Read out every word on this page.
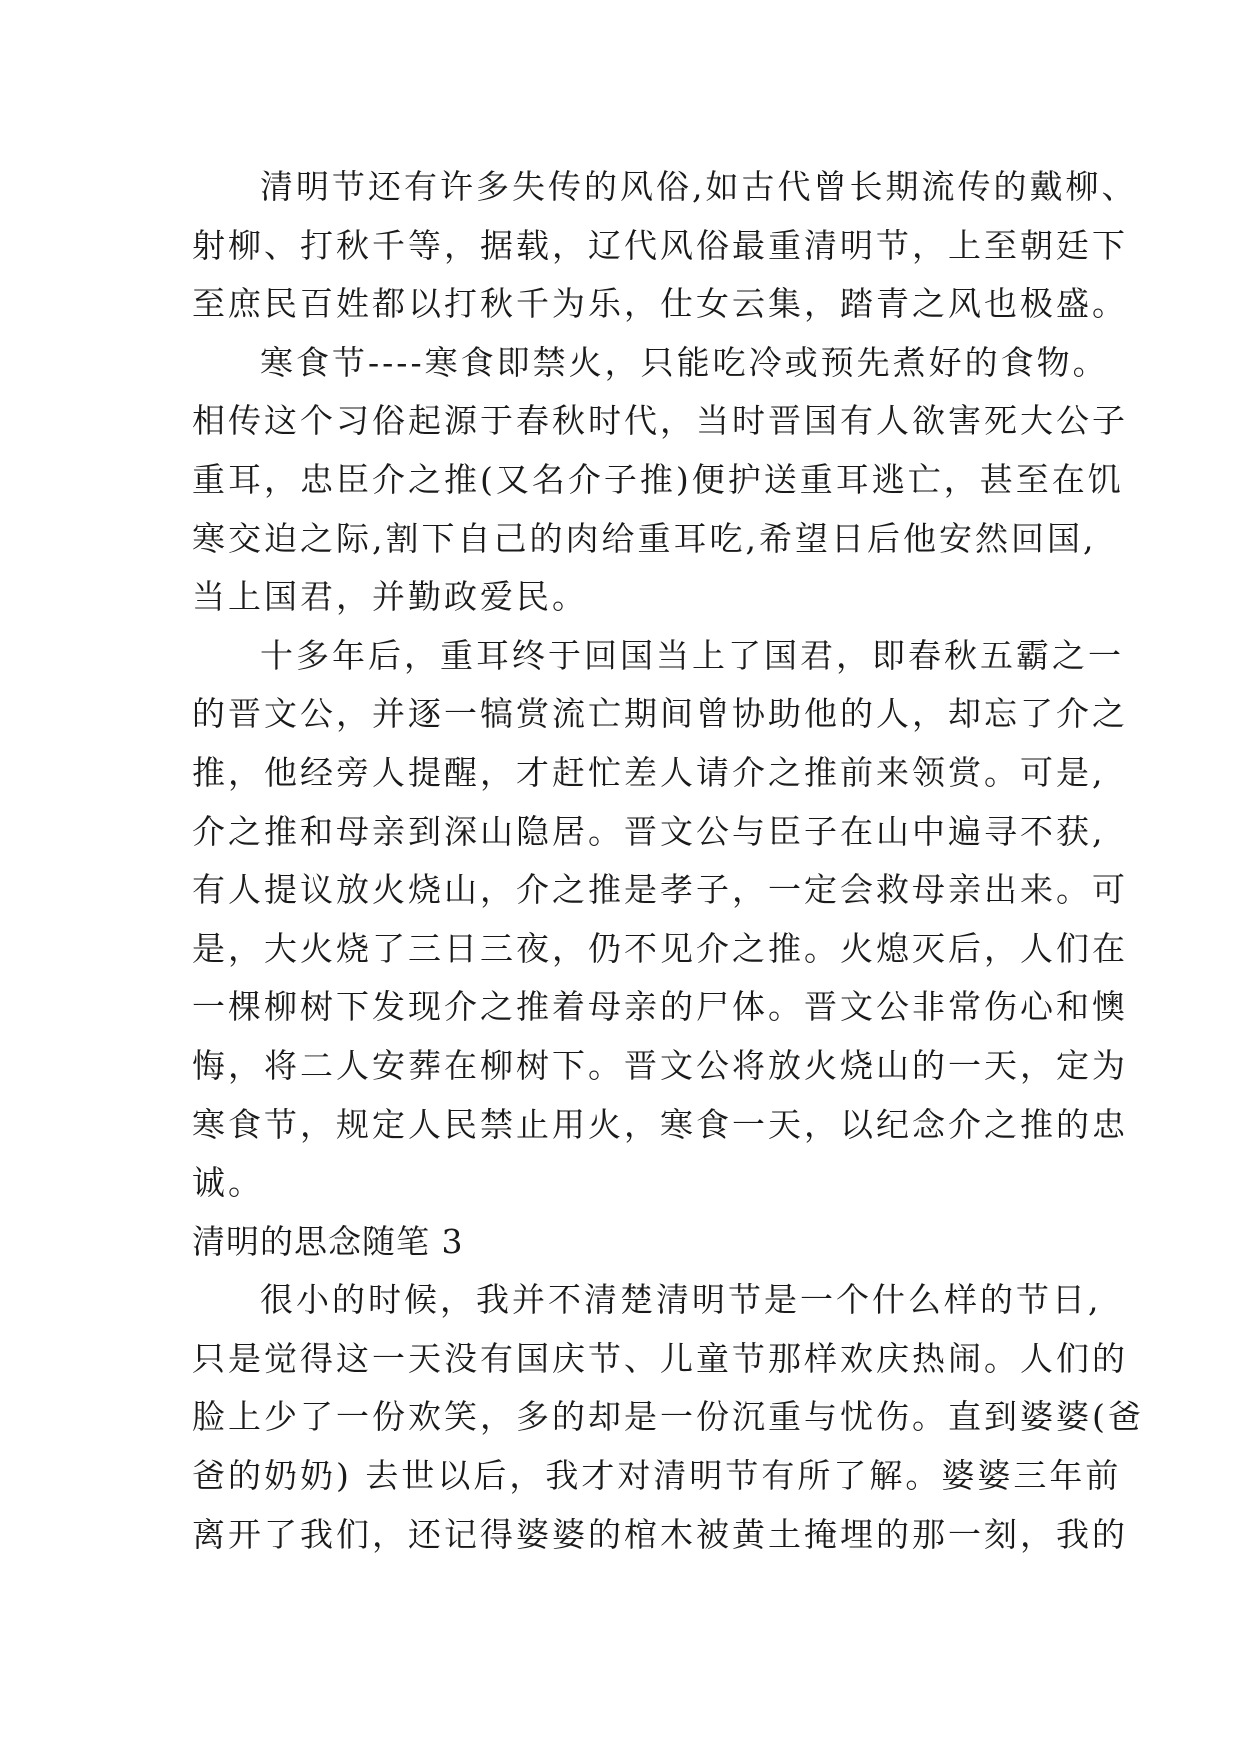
清明节还有许多失传的风俗,如古代曾长期流传的戴柳、
射柳、打秋千等，据载，辽代风俗最重清明节，上至朝廷下
至庶民百姓都以打秋千为乐，仕女云集，踏青之风也极盛。
寒食节----寒食即禁火，只能吃冷或预先煮好的食物。
相传这个习俗起源于春秋时代，当时晋国有人欲害死大公子
重耳，忠臣介之推(又名介子推)便护送重耳逃亡，甚至在饥
寒交迫之际,割下自己的肉给重耳吃,希望日后他安然回国,
当上国君，并勤政爱民。
十多年后，重耳终于回国当上了国君，即春秋五霸之一
的晋文公，并逐一犒赏流亡期间曾协助他的人，却忘了介之
推，他经旁人提醒，才赶忙差人请介之推前来领赏。可是,
介之推和母亲到深山隐居。晋文公与臣子在山中遍寻不获,
有人提议放火烧山，介之推是孝子，一定会救母亲出来。可
是，大火烧了三日三夜，仍不见介之推。火熄灭后，人们在
一棵柳树下发现介之推着母亲的尸体。晋文公非常伤心和懊
悔，将二人安葬在柳树下。晋文公将放火烧山的一天，定为
寒食节，规定人民禁止用火，寒食一天，以纪念介之推的忠
诚。
清明的思念随笔 3
很小的时候，我并不清楚清明节是一个什么样的节日,
只是觉得这一天没有国庆节、儿童节那样欢庆热闹。人们的
脸上少了一份欢笑，多的却是一份沉重与忧伤。直到婆婆(爸
爸的奶奶) 去世以后，我才对清明节有所了解。婆婆三年前
离开了我们，还记得婆婆的棺木被黄土掩埋的那一刻，我的
